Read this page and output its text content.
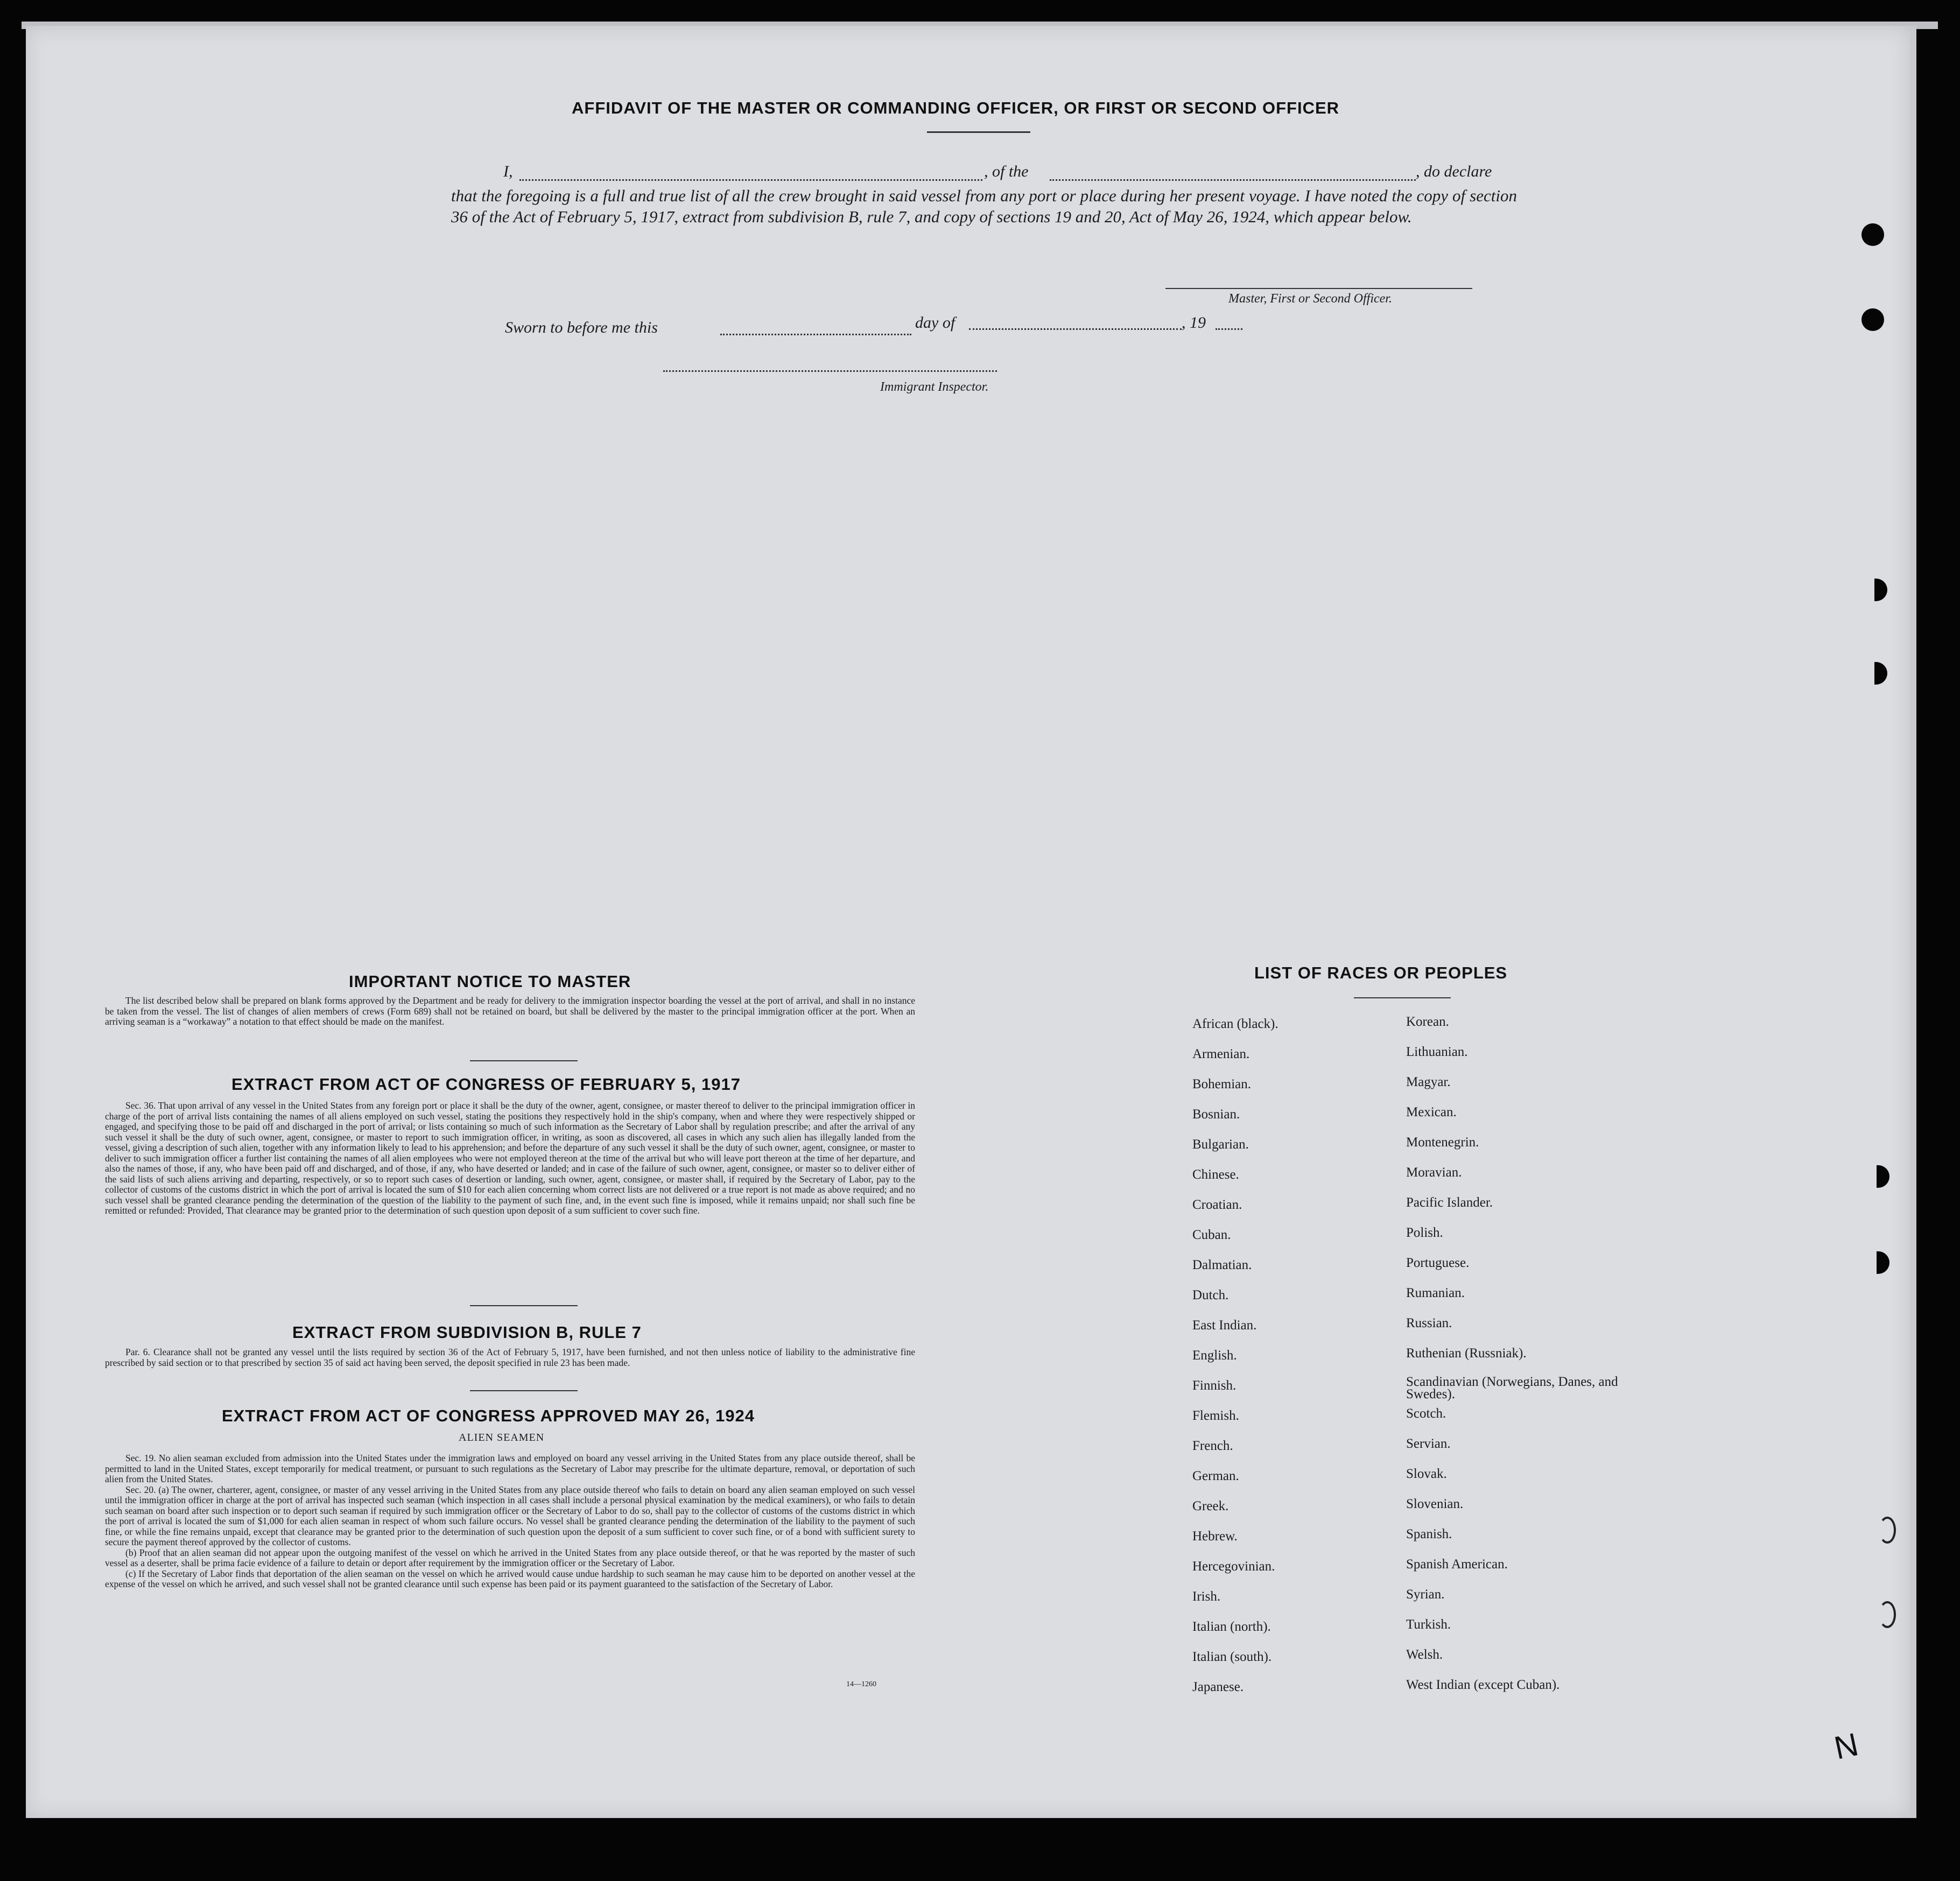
AFFIDAVIT OF THE MASTER OR COMMANDING OFFICER, OR FIRST OR SECOND OFFICER
I,	, of the	, do declare
that the foregoing is a full and true list of all the crew brought in said vessel from any port or place during her present voyage. I have noted the copy of section 36 of the Act of February 5, 1917, extract from subdivision B, rule 7, and copy of sections 19 and 20, Act of May 26, 1924, which appear below.
Master, First or Second Officer.
Sworn to before me this	day of	, 19
Immigrant Inspector.
IMPORTANT NOTICE TO MASTER

The list described below shall be prepared on blank forms approved by the Department and be ready for delivery to the immigration inspector boarding the vessel at the port of arrival, and shall in no instance be taken from the vessel. The list of changes of alien members of crews (Form 689) shall not be retained on board, but shall be delivered by the master to the principal immigration officer at the port. When an arriving seaman is a “workaway” a notation to that effect should be made on the manifest.

EXTRACT FROM ACT OF CONGRESS OF FEBRUARY 5, 1917

Sec. 36. That upon arrival of any vessel in the United States from any foreign port or place it shall be the duty of the owner, agent, consignee, or master thereof to deliver to the principal immigration officer in charge of the port of arrival lists containing the names of all aliens employed on such vessel, stating the positions they respectively hold in the ship's company, when and where they were respectively shipped or engaged, and specifying those to be paid off and discharged in the port of arrival; or lists containing so much of such information as the Secretary of Labor shall by regulation prescribe; and after the arrival of any such vessel it shall be the duty of such owner, agent, consignee, or master to report to such immigration officer, in writing, as soon as discovered, all cases in which any such alien has illegally landed from the vessel, giving a description of such alien, together with any information likely to lead to his apprehension; and before the departure of any such vessel it shall be the duty of such owner, agent, consignee, or master to deliver to such immigration officer a further list containing the names of all alien employees who were not employed thereon at the time of the arrival but who will leave port thereon at the time of her departure, and also the names of those, if any, who have been paid off and discharged, and of those, if any, who have deserted or landed; and in case of the failure of such owner, agent, consignee, or master so to deliver either of the said lists of such aliens arriving and departing, respectively, or so to report such cases of desertion or landing, such owner, agent, consignee, or master shall, if required by the Secretary of Labor, pay to the collector of customs of the customs district in which the port of arrival is located the sum of $10 for each alien concerning whom correct lists are not delivered or a true report is not made as above required; and no such vessel shall be granted clearance pending the determination of the question of the liability to the payment of such fine, and, in the event such fine is imposed, while it remains unpaid; nor shall such fine be remitted or refunded: Provided, That clearance may be granted prior to the determination of such question upon deposit of a sum sufficient to cover such fine.

EXTRACT FROM SUBDIVISION B, RULE 7

Par. 6. Clearance shall not be granted any vessel until the lists required by section 36 of the Act of February 5, 1917, have been furnished, and not then unless notice of liability to the administrative fine prescribed by said section or to that prescribed by section 35 of said act having been served, the deposit specified in rule 23 has been made.

EXTRACT FROM ACT OF CONGRESS APPROVED MAY 26, 1924
ALIEN SEAMEN

Sec. 19. No alien seaman excluded from admission into the United States under the immigration laws and employed on board any vessel arriving in the United States from any place outside thereof, shall be permitted to land in the United States, except temporarily for medical treatment, or pursuant to such regulations as the Secretary of Labor may prescribe for the ultimate departure, removal, or deportation of such alien from the United States.

Sec. 20. (a) The owner, charterer, agent, consignee, or master of any vessel arriving in the United States from any place outside thereof who fails to detain on board any alien seaman employed on such vessel until the immigration officer in charge at the port of arrival has inspected such seaman (which inspection in all cases shall include a personal physical examination by the medical examiners), or who fails to detain such seaman on board after such inspection or to deport such seaman if required by such immigration officer or the Secretary of Labor to do so, shall pay to the collector of customs of the customs district in which the port of arrival is located the sum of $1,000 for each alien seaman in respect of whom such failure occurs. No vessel shall be granted clearance pending the determination of the liability to the payment of such fine, or while the fine remains unpaid, except that clearance may be granted prior to the determination of such question upon the deposit of a sum sufficient to cover such fine, or of a bond with sufficient surety to secure the payment thereof approved by the collector of customs.

(b) Proof that an alien seaman did not appear upon the outgoing manifest of the vessel on which he arrived in the United States from any place outside thereof, or that he was reported by the master of such vessel as a deserter, shall be prima facie evidence of a failure to detain or deport after requirement by the immigration officer or the Secretary of Labor.

(c) If the Secretary of Labor finds that deportation of the alien seaman on the vessel on which he arrived would cause undue hardship to such seaman he may cause him to be deported on another vessel at the expense of the vessel on which he arrived, and such vessel shall not be granted clearance until such expense has been paid or its payment guaranteed to the satisfaction of the Secretary of Labor.

14—1260
LIST OF RACES OR PEOPLES
African (black).
Armenian.
Bohemian.
Bosnian.
Bulgarian.
Chinese.
Croatian.
Cuban.
Dalmatian.
Dutch.
East Indian.
English.
Finnish.
Flemish.
French.
German.
Greek.
Hebrew.
Hercegovinian.
Irish.
Italian (north).
Italian (south).
Japanese.
Korean.
Lithuanian.
Magyar.
Mexican.
Montenegrin.
Moravian.
Pacific Islander.
Polish.
Portuguese.
Rumanian.
Russian.
Ruthenian (Russniak).
Scandinavian (Norwegians, Danes, and Swedes).
Scotch.
Servian.
Slovak.
Slovenian.
Spanish.
Spanish American.
Syrian.
Turkish.
Welsh.
West Indian (except Cuban).
N
